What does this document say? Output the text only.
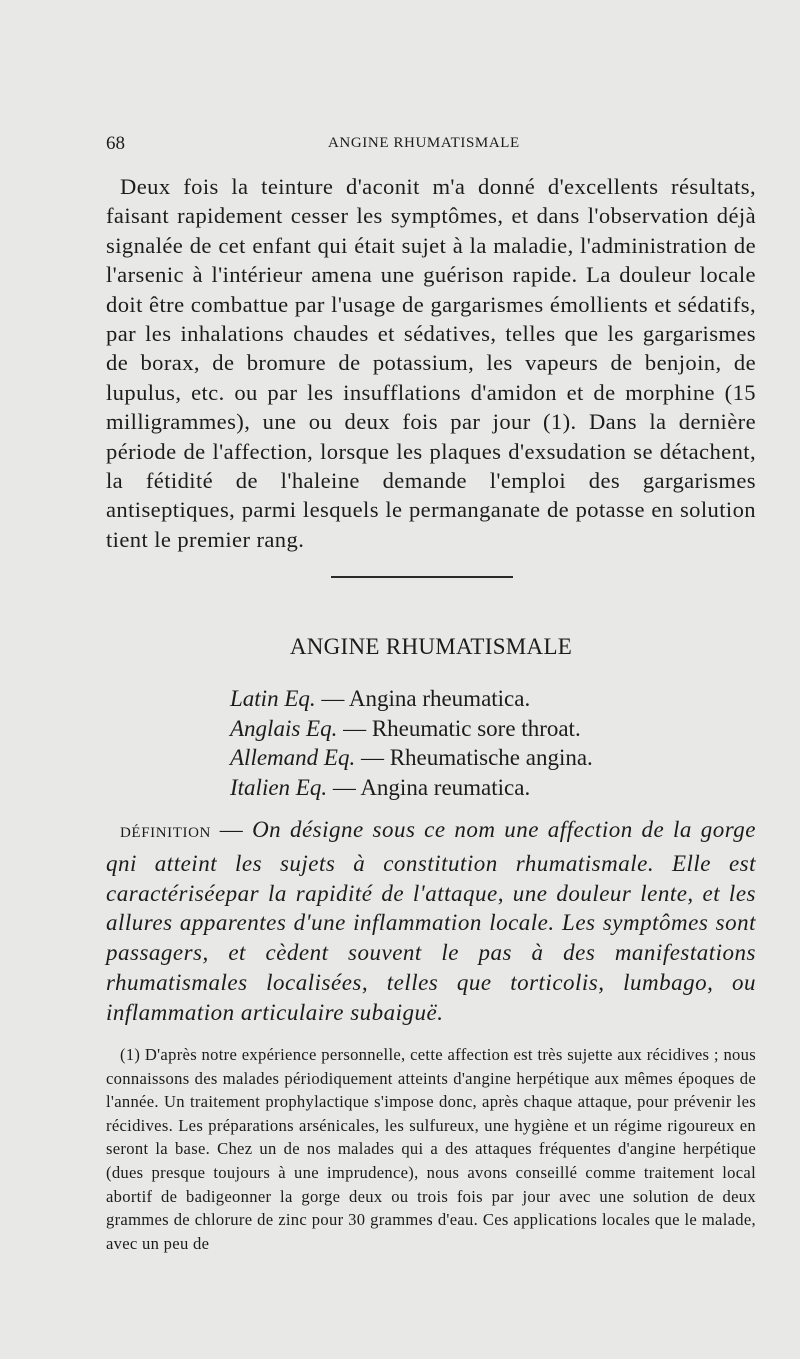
68	ANGINE RHUMATISMALE

Deux fois la teinture d'aconit m'a donné d'excellents résultats, faisant rapidement cesser les symptômes, et dans l'observation déjà signalée de cet enfant qui était sujet à la maladie, l'administration de l'arsenic à l'intérieur amena une guérison rapide. La douleur locale doit être combattue par l'usage de gargarismes émollients et sédatifs, par les inhalations chaudes et sédatives, telles que les gargarismes de borax, de bromure de potassium, les vapeurs de benjoin, de lupulus, etc. ou par les insufflations d'amidon et de morphine (15 milligrammes), une ou deux fois par jour (1). Dans la dernière période de l'affection, lorsque les plaques d'exsudation se détachent, la fétidité de l'haleine demande l'emploi des gargarismes antiseptiques, parmi lesquels le permanganate de potasse en solution tient le premier rang.

ANGINE RHUMATISMALE
Latin Eq. — Angina rheumatica.
Anglais Eq. — Rheumatic sore throat.
Allemand Eq. — Rheumatische angina.
Italien Eq. — Angina reumatica.

DÉFINITION — On désigne sous ce nom une affection de la gorge qni atteint les sujets à constitution rhumatismale. Elle est caractériséepar la rapidité de l'attaque, une douleur lente, et les allures apparentes d'une inflammation locale. Les symptômes sont passagers, et cèdent souvent le pas à des manifestations rhumatismales localisées, telles que torticolis, lumbago, ou inflammation articulaire subaiguë.

(1) D'après notre expérience personnelle, cette affection est très sujette aux récidives ; nous connaissons des malades périodiquement atteints d'angine herpétique aux mêmes époques de l'année. Un traitement prophylactique s'impose donc, après chaque attaque, pour prévenir les récidives. Les préparations arsénicales, les sulfureux, une hygiène et un régime rigoureux en seront la base. Chez un de nos malades qui a des attaques fréquentes d'angine herpétique (dues presque toujours à une imprudence), nous avons conseillé comme traitement local abortif de badigeonner la gorge deux ou trois fois par jour avec une solution de deux grammes de chlorure de zinc pour 30 grammes d'eau. Ces applications locales que le malade, avec un peu de
